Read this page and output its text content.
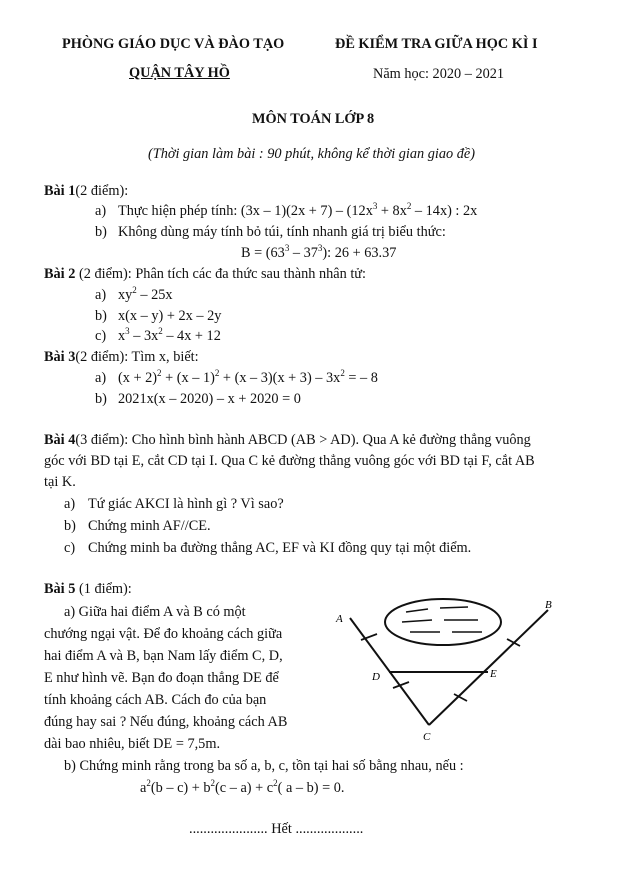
PHÒNG GIÁO DỤC VÀ ĐÀO TẠO
QUẬN TÂY HỒ
ĐỀ KIỂM TRA GIỮA HỌC KÌ I
Năm học: 2020 – 2021
MÔN TOÁN LỚP 8
(Thời gian làm bài : 90 phút, không kể thời gian giao đề)
Bài 1(2 điểm):
a) Thực hiện phép tính: $(3x - 1)(2x + 7) - (12x^3 + 8x^2 - 14x)$ : 2x
b) Không dùng máy tính bỏ túi, tính nhanh giá trị biểu thức:
$B = (63^3 - 37^3)$: 26 + 63.37
Bài 2 (2 điểm): Phân tích các đa thức sau thành nhân tử:
a) $xy^2 - 25x$
b) x(x – y) + 2x – 2y
c) $x^3 - 3x^2 - 4x + 12$
Bài 3(2 điểm): Tìm x, biết:
a) $(x + 2)^2 + (x - 1)^2 + (x - 3)(x + 3) - 3x^2$ = – 8
b) 2021x(x – 2020) – x + 2020 = 0
Bài 4(3 điểm): Cho hình bình hành ABCD (AB > AD). Qua A kẻ đường thẳng vuông
góc với BD tại E, cắt CD tại I. Qua C kẻ đường thẳng vuông góc với BD tại F, cắt AB
tại K.
a) Tứ giác AKCI là hình gì ? Vì sao?
b) Chứng minh AF//CE.
c) Chứng minh ba đường thẳng AC, EF và KI đồng quy tại một điểm.
Bài 5 (1 điểm):
a) Giữa hai điểm A và B có một
chướng ngại vật. Để đo khoảng cách giữa
hai điểm A và B, bạn Nam lấy điểm C, D,
E như hình vẽ. Bạn đo đoạn thẳng DE để
tính khoảng cách AB. Cách đo của bạn
đúng hay sai ? Nếu đúng, khoảng cách AB
dài bao nhiêu, biết DE = 7,5m.
b) Chứng minh rằng trong ba số a, b, c, tồn tại hai số bằng nhau, nếu :
$a^2(b - c) + b^2(c - a) + c^2$( a – b) = 0.
A
B
C
D	E
...................... Hết ...................
